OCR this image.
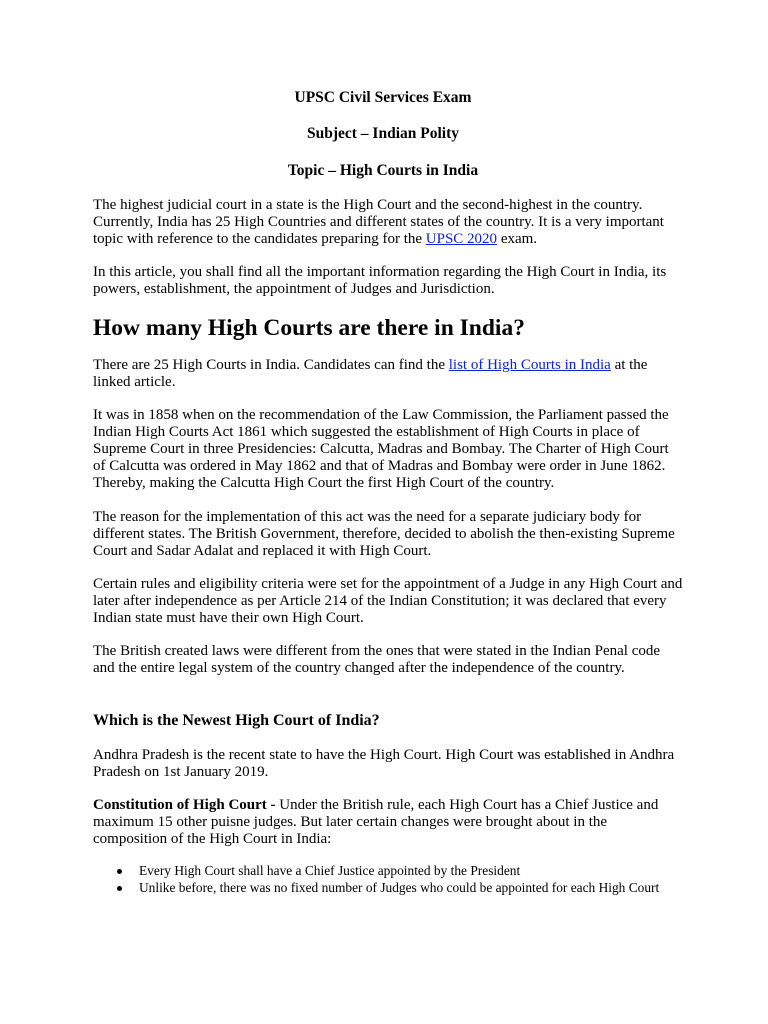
UPSC Civil Services Exam

Subject – Indian Polity

Topic – High Courts in India

The highest judicial court in a state is the High Court and the second-highest in the country. Currently, India has 25 High Countries and different states of the country. It is a very important topic with reference to the candidates preparing for the UPSC 2020 exam.

In this article, you shall find all the important information regarding the High Court in India, its powers, establishment, the appointment of Judges and Jurisdiction.

How many High Courts are there in India?

There are 25 High Courts in India. Candidates can find the list of High Courts in India at the linked article.

It was in 1858 when on the recommendation of the Law Commission, the Parliament passed the Indian High Courts Act 1861 which suggested the establishment of High Courts in place of Supreme Court in three Presidencies: Calcutta, Madras and Bombay. The Charter of High Court of Calcutta was ordered in May 1862 and that of Madras and Bombay were order in June 1862. Thereby, making the Calcutta High Court the first High Court of the country.

The reason for the implementation of this act was the need for a separate judiciary body for different states. The British Government, therefore, decided to abolish the then-existing Supreme Court and Sadar Adalat and replaced it with High Court.

Certain rules and eligibility criteria were set for the appointment of a Judge in any High Court and later after independence as per Article 214 of the Indian Constitution; it was declared that every Indian state must have their own High Court.

The British created laws were different from the ones that were stated in the Indian Penal code and the entire legal system of the country changed after the independence of the country.

Which is the Newest High Court of India?

Andhra Pradesh is the recent state to have the High Court. High Court was established in Andhra Pradesh on 1st January 2019.

Constitution of High Court - Under the British rule, each High Court has a Chief Justice and maximum 15 other puisne judges. But later certain changes were brought about in the composition of the High Court in India:

Every High Court shall have a Chief Justice appointed by the President
Unlike before, there was no fixed number of Judges who could be appointed for each High Court
